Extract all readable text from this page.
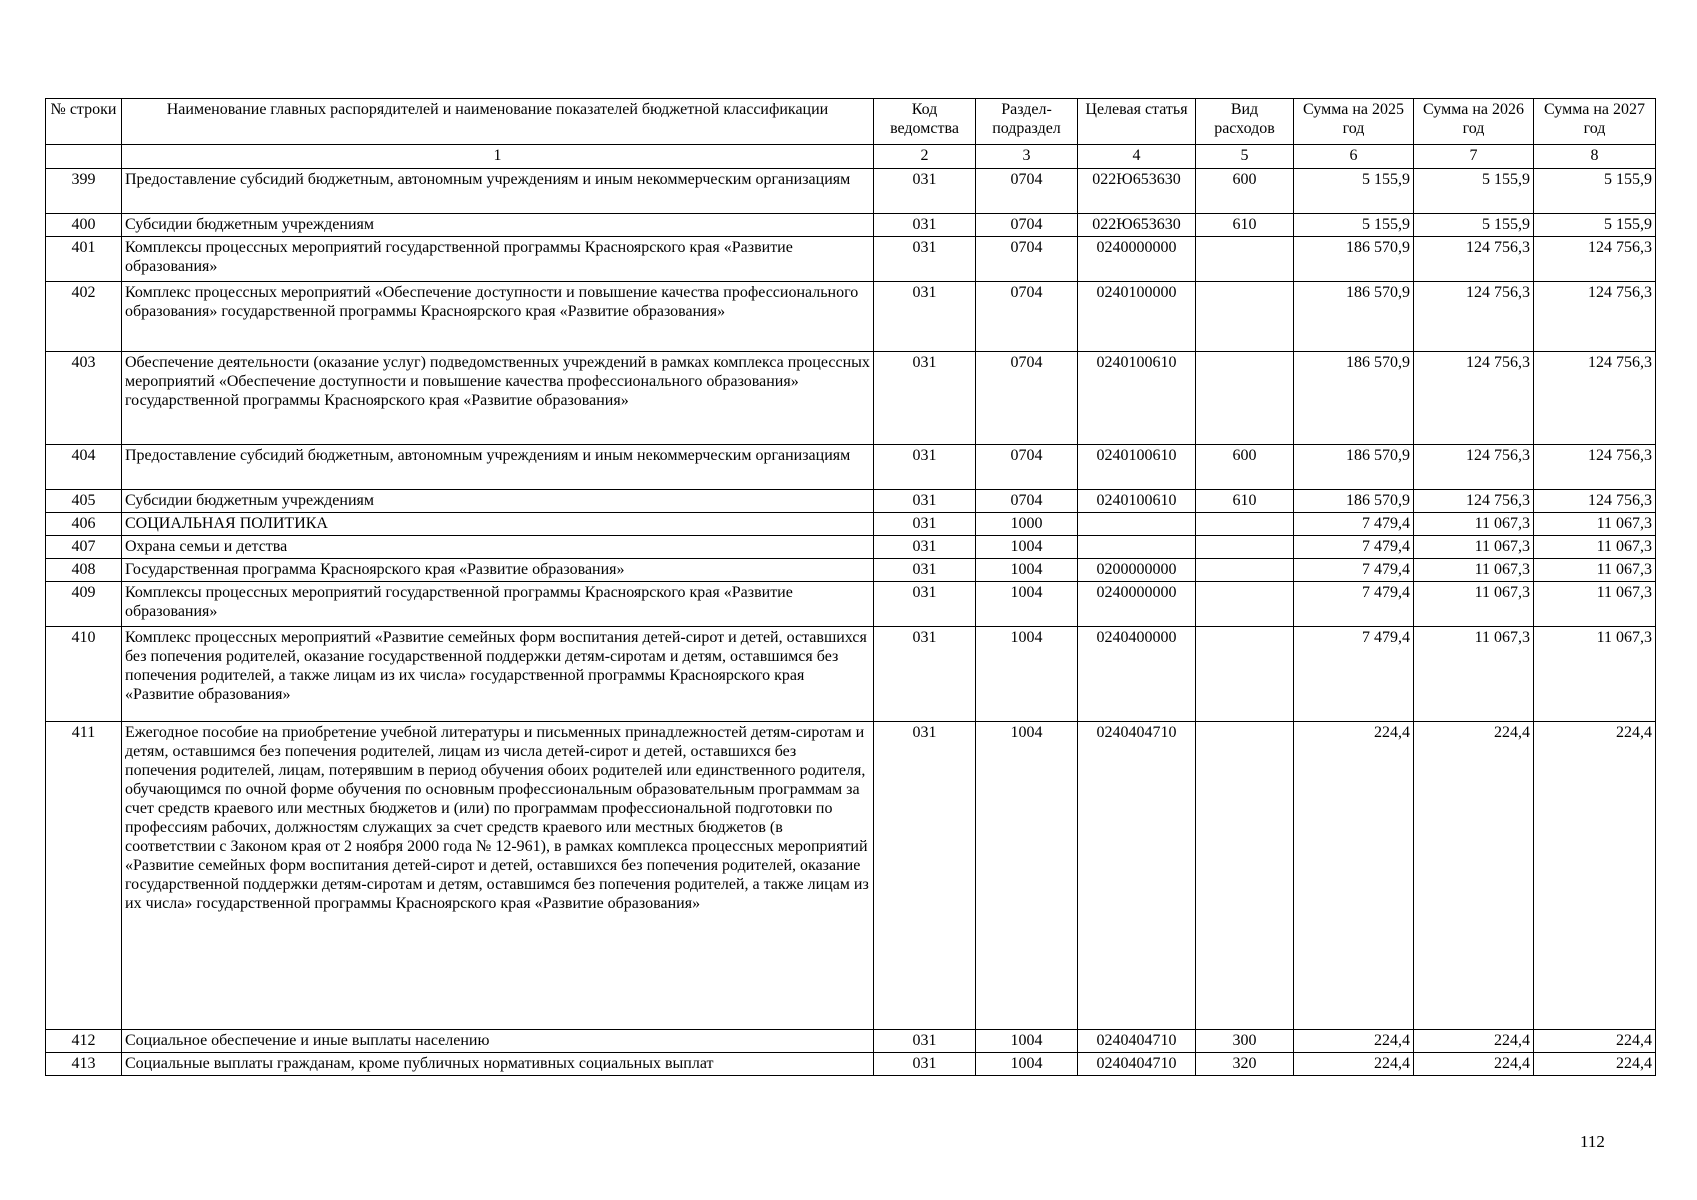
№ строки	Наименование главных распорядителей и наименование показателей бюджетной классификации	Код ведомства	Раздел-подраздел	Целевая статья	Вид расходов	Сумма на 2025 год	Сумма на 2026 год	Сумма на 2027 год
	1	2	3	4	5	6	7	8
399	Предоставление субсидий бюджетным, автономным учреждениям и иным некоммерческим организациям	031	0704	022Ю653630	600	5 155,9	5 155,9	5 155,9
400	Субсидии бюджетным учреждениям	031	0704	022Ю653630	610	5 155,9	5 155,9	5 155,9
401	Комплексы процессных мероприятий государственной программы Красноярского края «Развитие образования»	031	0704	0240000000		186 570,9	124 756,3	124 756,3
402	Комплекс процессных мероприятий «Обеспечение доступности и повышение качества профессионального образования» государственной программы Красноярского края «Развитие образования»	031	0704	0240100000		186 570,9	124 756,3	124 756,3
403	Обеспечение деятельности (оказание услуг) подведомственных учреждений в рамках комплекса процессных мероприятий «Обеспечение доступности и повышение качества профессионального образования» государственной программы Красноярского края «Развитие образования»	031	0704	0240100610		186 570,9	124 756,3	124 756,3
404	Предоставление субсидий бюджетным, автономным учреждениям и иным некоммерческим организациям	031	0704	0240100610	600	186 570,9	124 756,3	124 756,3
405	Субсидии бюджетным учреждениям	031	0704	0240100610	610	186 570,9	124 756,3	124 756,3
406	СОЦИАЛЬНАЯ ПОЛИТИКА	031	1000			7 479,4	11 067,3	11 067,3
407	Охрана семьи и детства	031	1004			7 479,4	11 067,3	11 067,3
408	Государственная программа Красноярского края «Развитие образования»	031	1004	0200000000		7 479,4	11 067,3	11 067,3
409	Комплексы процессных мероприятий государственной программы Красноярского края «Развитие образования»	031	1004	0240000000		7 479,4	11 067,3	11 067,3
410	Комплекс процессных мероприятий «Развитие семейных форм воспитания детей-сирот и детей, оставшихся без попечения родителей, оказание государственной поддержки детям-сиротам и детям, оставшимся без попечения родителей, а также лицам из их числа» государственной программы Красноярского края «Развитие образования»	031	1004	0240400000		7 479,4	11 067,3	11 067,3
411	Ежегодное пособие на приобретение учебной литературы и письменных принадлежностей детям-сиротам и детям, оставшимся без попечения родителей, лицам из числа детей-сирот и детей, оставшихся без попечения родителей, лицам, потерявшим в период обучения обоих родителей или единственного родителя, обучающимся по очной форме обучения по основным профессиональным образовательным программам за счет средств краевого или местных бюджетов и (или) по программам профессиональной подготовки по профессиям рабочих, должностям служащих за счет средств краевого или местных бюджетов (в соответствии с Законом края от 2 ноября 2000 года № 12-961), в рамках комплекса процессных мероприятий «Развитие семейных форм воспитания детей-сирот и детей, оставшихся без попечения родителей, оказание государственной поддержки детям-сиротам и детям, оставшимся без попечения родителей, а также лицам из их числа» государственной программы Красноярского края «Развитие образования»	031	1004	0240404710		224,4	224,4	224,4
412	Социальное обеспечение и иные выплаты населению	031	1004	0240404710	300	224,4	224,4	224,4
413	Социальные выплаты гражданам, кроме публичных нормативных социальных выплат	031	1004	0240404710	320	224,4	224,4	224,4
112
